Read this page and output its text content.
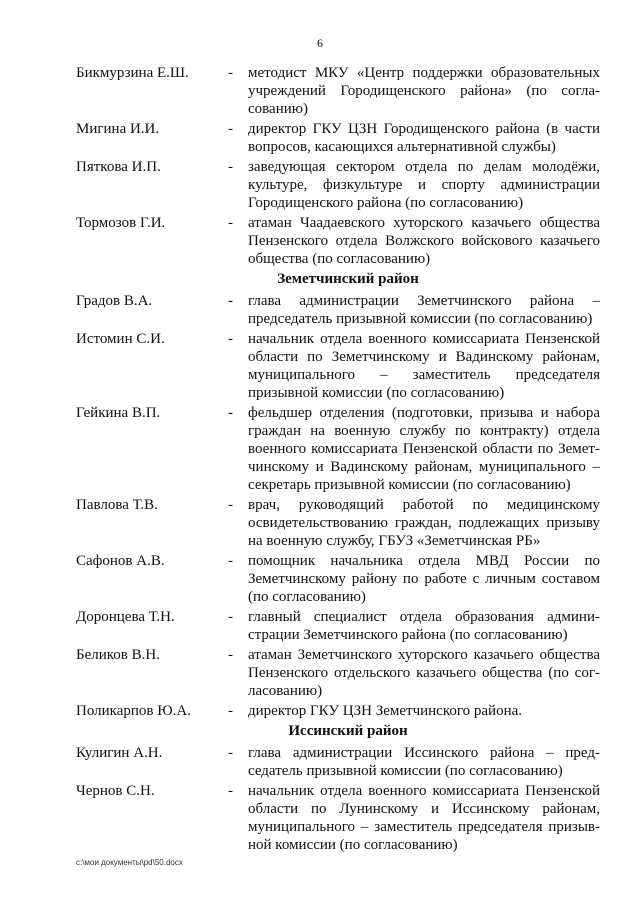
6
Бикмурзина Е.Ш.	-	методист МКУ «Центр поддержки образовательных учреждений Городищенского района» (по согла-сованию)
Мигина И.И.	-	директор ГКУ ЦЗН Городищенского района (в части вопросов, касающихся альтернативной службы)
Пяткова И.П.	-	заведующая сектором отдела по делам молодёжи, культуре, физкультуре и спорту администрации Городищенского района (по согласованию)
Тормозов Г.И.	-	атаман Чаадаевского хуторского казачьего общества Пензенского отдела Волжского войскового казачьего общества (по согласованию)
Земетчинский район
Градов В.А.	-	глава администрации Земетчинского района – председатель призывной комиссии (по согласованию)
Истомин С.И.	-	начальник отдела военного комиссариата Пензенской области по Земетчинскому и Вадинскому районам, муниципального – заместитель председателя призывной комиссии (по согласованию)
Гейкина В.П.	-	фельдшер отделения (подготовки, призыва и набора граждан на военную службу по контракту) отдела военного комиссариата Пензенской области по Земет-чинскому и Вадинскому районам, муниципального – секретарь призывной комиссии (по согласованию)
Павлова Т.В.	-	врач, руководящий работой по медицинскому освидетельствованию граждан, подлежащих призыву на военную службу, ГБУЗ «Земетчинская РБ»
Сафонов А.В.	-	помощник начальника отдела МВД России по Земетчинскому району по работе с личным составом (по согласованию)
Доронцева Т.Н.	-	главный специалист отдела образования админи-страции Земетчинского района (по согласованию)
Беликов В.Н.	-	атаман Земетчинского хуторского казачьего общества Пензенского отдельского казачьего общества (по сог-ласованию)
Поликарпов Ю.А.	-	директор ГКУ ЦЗН Земетчинского района.
Иссинский район
Кулигин А.Н.	-	глава администрации Иссинского района – пред-седатель призывной комиссии (по согласованию)
Чернов С.Н.	-	начальник отдела военного комиссариата Пензенской области по Лунинскому и Иссинскому районам, муниципального – заместитель председателя призыв-ной комиссии (по согласованию)
c:\мои документы\pd\50.docx
